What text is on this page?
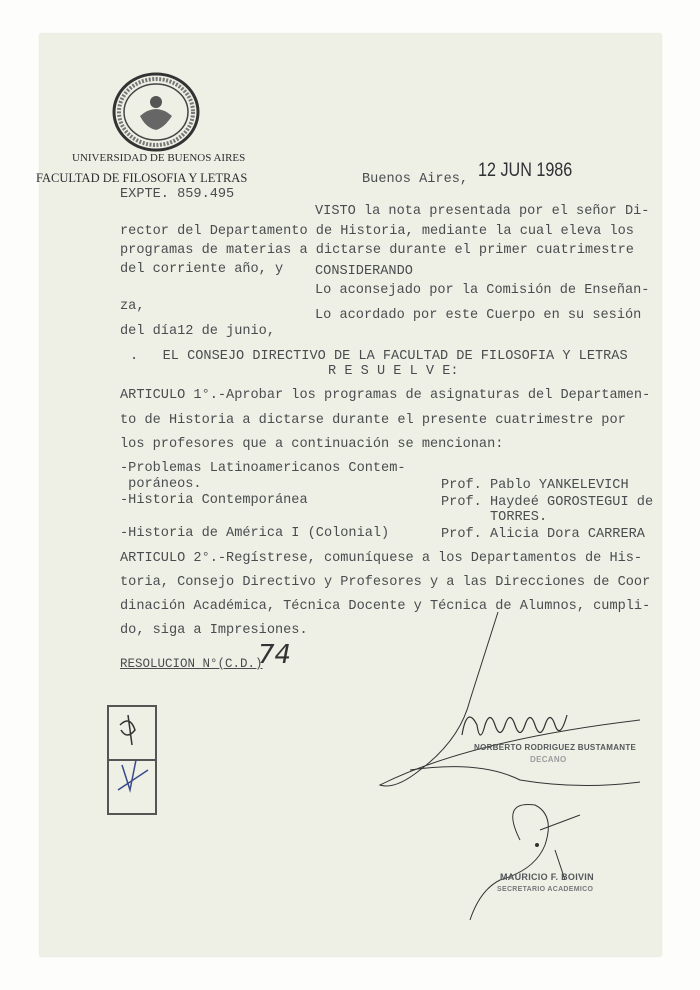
UNIVERSIDAD DE BUENOS AIRES
FACULTAD DE FILOSOFIA Y LETRAS	Buenos Aires, 12 JUN 1986
EXPTE. 859.495
VISTO la nota presentada por el señor Di-
rector del Departamento de Historia, mediante la cual eleva los
programas de materias a dictarse durante el primer cuatrimestre
del corriente año, y CONSIDERANDO
Lo aconsejado por la Comisión de Enseñan-
za,
Lo acordado por este Cuerpo en su sesión
del día12 de junio,
.   EL CONSEJO DIRECTIVO DE LA FACULTAD DE FILOSOFIA Y LETRAS
R E S U E L V E:
ARTICULO 1°.-Aprobar los programas de asignaturas del Departamen-
to de Historia a dictarse durante el presente cuatrimestre por
los profesores que a continuación se mencionan:
-Problemas Latinoamericanos Contem-
poráneos.	Prof. Pablo YANKELEVICH
-Historia Contemporánea	Prof. Haydeé GOROSTEGUI de
TORRES.
-Historia de América I (Colonial)	Prof. Alicia Dora CARRERA
ARTICULO 2°.-Regístrese, comuníquese a los Departamentos de His-
toria, Consejo Directivo y Profesores y a las Direcciones de Coor
dinación Académica, Técnica Docente y Técnica de Alumnos, cumpli-
do, siga a Impresiones.
RESOLUCION N°(C.D.)
74
NORBERTO RODRIGUEZ BUSTAMANTE
DECANO
MAURICIO F. BOIVIN
SECRETARIO ACADEMICO
